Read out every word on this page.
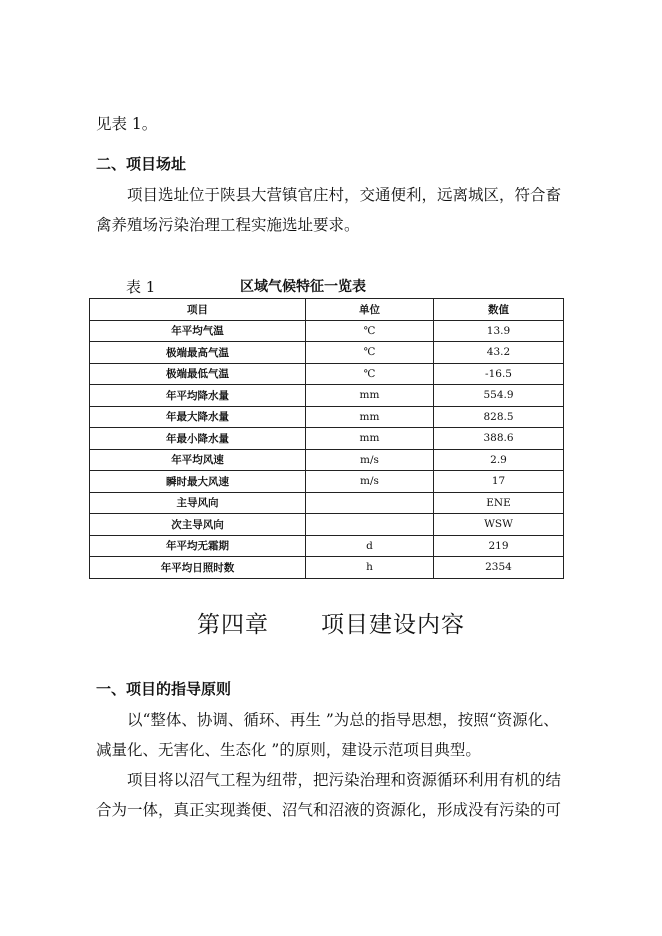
见表 1。

二、项目场址

项目选址位于陕县大营镇官庄村，交通便利，远离城区，符合畜

禽养殖场污染治理工程实施选址要求。

表 1	区域气候特征一览表
项目	单位	数值
年平均气温	℃	13.9
极端最高气温	℃	43.2
极端最低气温	℃	-16.5
年平均降水量	mm	554.9
年最大降水量	mm	828.5
年最小降水量	mm	388.6
年平均风速	m/s	2.9
瞬时最大风速	m/s	17
主导风向		ENE
次主导风向		WSW
年平均无霜期	d	219
年平均日照时数	h	2354
第四章 项目建设内容

一、项目的指导原则

以“整体、协调、循环、再生 ”为总的指导思想，按照“资源化、

减量化、无害化、生态化 ”的原则，建设示范项目典型。

项目将以沼气工程为纽带，把污染治理和资源循环利用有机的结

合为一体，真正实现粪便、沼气和沼液的资源化，形成没有污染的可
